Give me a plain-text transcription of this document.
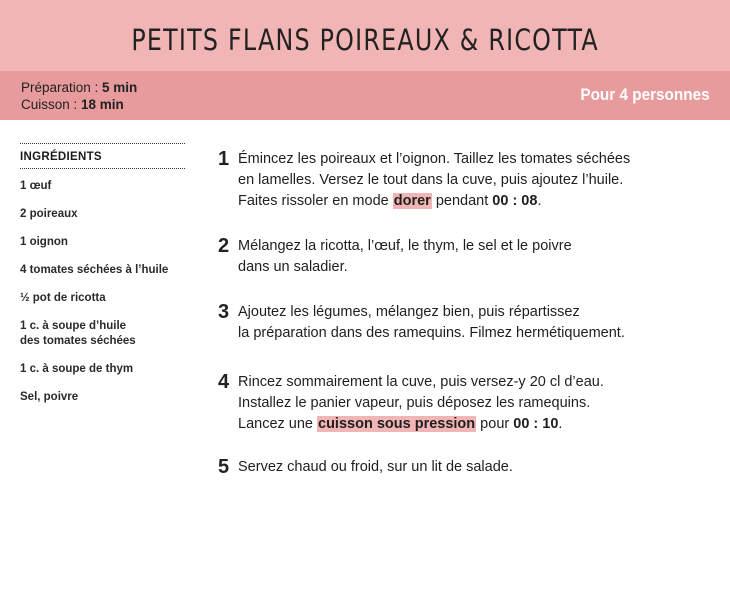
PETITS FLANS POIREAUX & RICOTTA
Préparation : 5 min
Cuisson : 18 min
Pour 4 personnes
INGRÉDIENTS
1 œuf
2 poireaux
1 oignon
4 tomates séchées à l’huile
½ pot de ricotta
1 c. à soupe d’huile
des tomates séchées
1 c. à soupe de thym
Sel, poivre
1 Émincez les poireaux et l’oignon. Taillez les tomates séchées
en lamelles. Versez le tout dans la cuve, puis ajoutez l’huile.
Faites rissoler en mode dorer pendant 00 : 08.
2 Mélangez la ricotta, l’œuf, le thym, le sel et le poivre
dans un saladier.
3 Ajoutez les légumes, mélangez bien, puis répartissez
la préparation dans des ramequins. Filmez hermétiquement.
4 Rincez sommairement la cuve, puis versez-y 20 cl d’eau.
Installez le panier vapeur, puis déposez les ramequins.
Lancez une cuisson sous pression pour 00 : 10.
5 Servez chaud ou froid, sur un lit de salade.
